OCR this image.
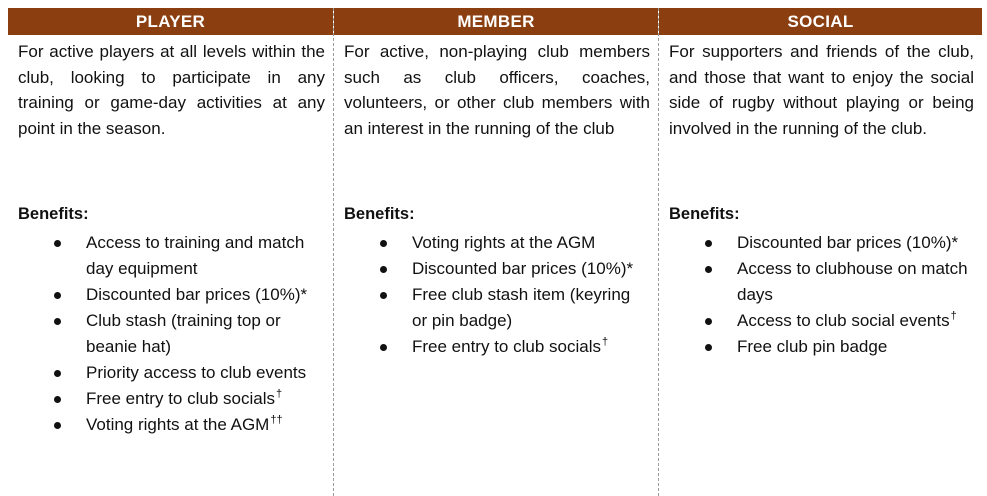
PLAYER
For active players at all levels within the club, looking to participate in any training or game-day activities at any point in the season.
Benefits:
Access to training and match day equipment
Discounted bar prices (10%)*
Club stash (training top or beanie hat)
Priority access to club events
Free entry to club socials†
Voting rights at the AGM††
MEMBER
For active, non-playing club members such as club officers, coaches, volunteers, or other club members with an interest in the running of the club
Benefits:
Voting rights at the AGM
Discounted bar prices (10%)*
Free club stash item (keyring or pin badge)
Free entry to club socials†
SOCIAL
For supporters and friends of the club, and those that want to enjoy the social side of rugby without playing or being involved in the running of the club.
Benefits:
Discounted bar prices (10%)*
Access to clubhouse on match days
Access to club social events†
Free club pin badge
